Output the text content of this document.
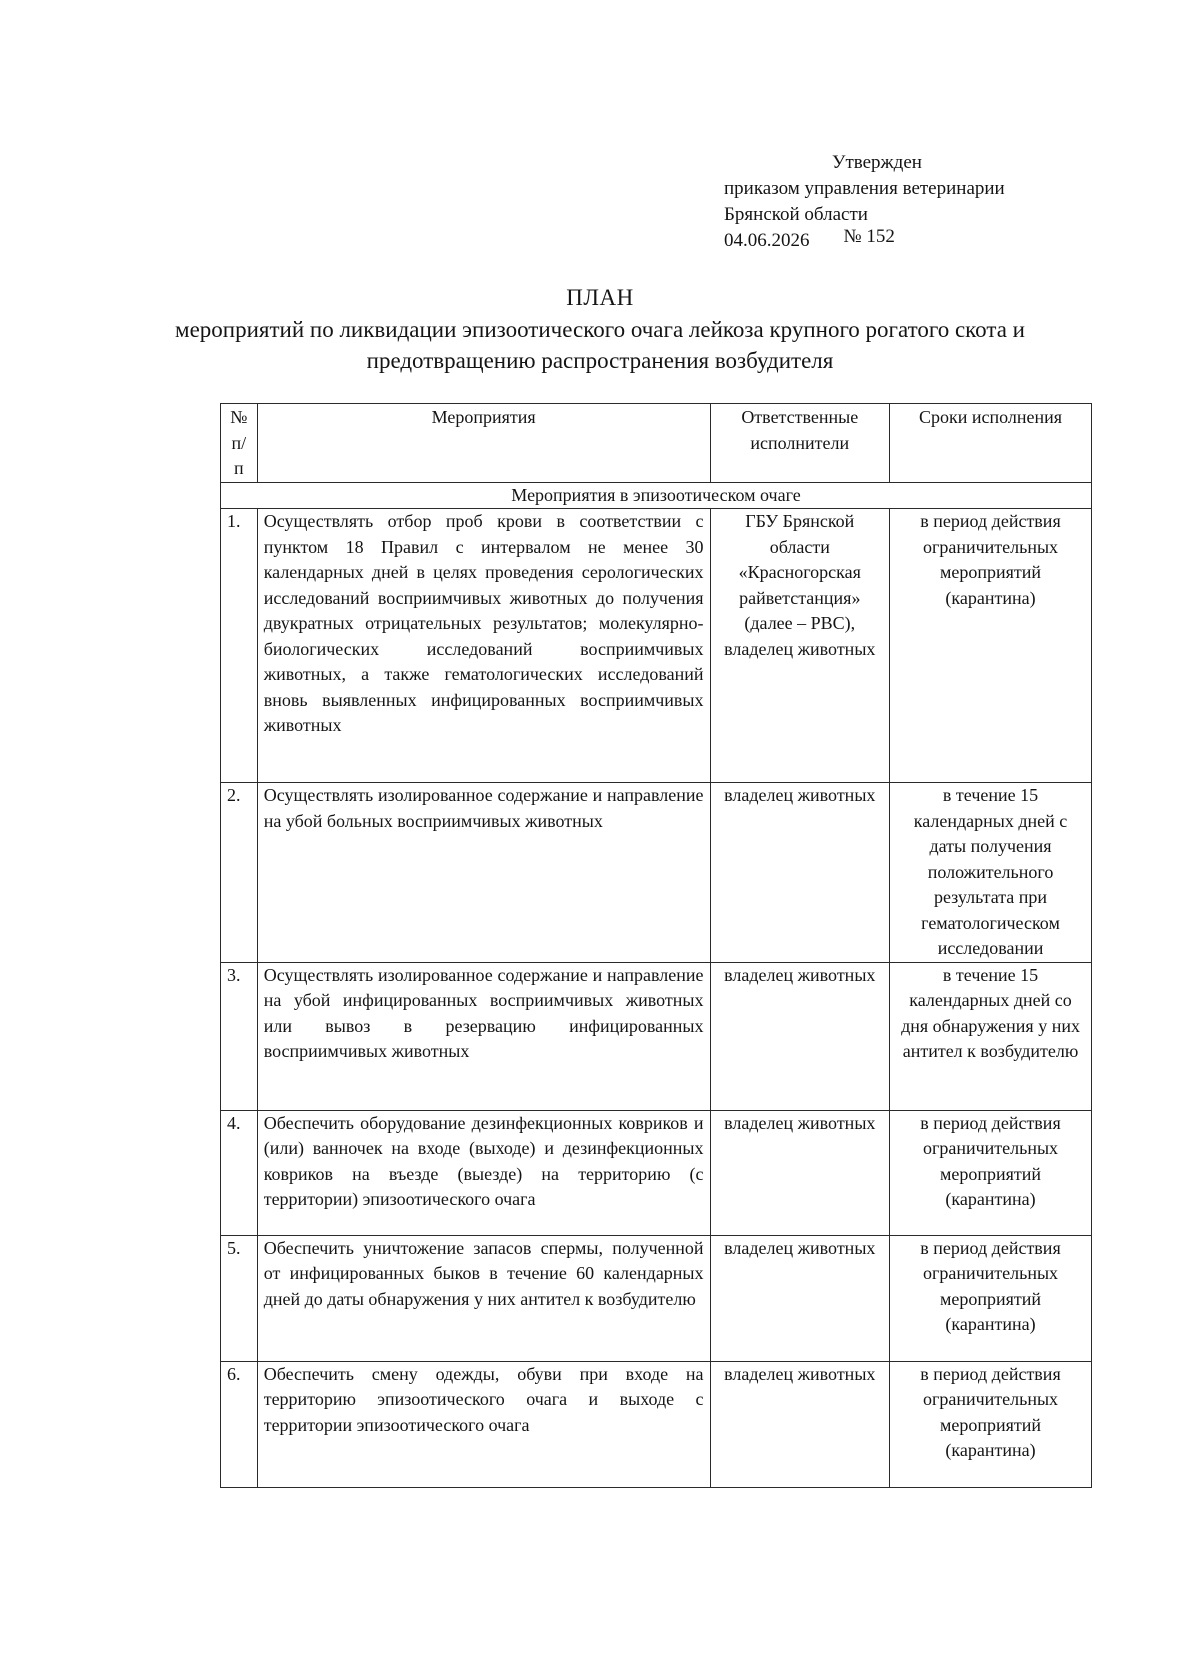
Утвержден
приказом управления ветеринарии
Брянской области
04.06.2026 № 152
ПЛАН
мероприятий по ликвидации эпизоотического очага лейкоза крупного рогатого скота и предотвращению распространения возбудителя
№ п/п	Мероприятия	Ответственные исполнители	Сроки исполнения
Мероприятия в эпизоотическом очаге			
1.	Осуществлять отбор проб крови в соответствии с пунктом 18 Правил с интервалом не менее 30 календарных дней в целях проведения серологических исследований восприимчивых животных до получения двукратных отрицательных результатов; молекулярно-биологических исследований восприимчивых животных, а также гематологических исследований вновь выявленных инфицированных восприимчивых животных	ГБУ Брянской области «Красногорская райветстанция» (далее – РВС), владелец животных	в период действия ограничительных мероприятий (карантина)
2.	Осуществлять изолированное содержание и направление на убой больных восприимчивых животных	владелец животных	в течение 15 календарных дней с даты получения положительного результата при гематологическом исследовании
3.	Осуществлять изолированное содержание и направление на убой инфицированных восприимчивых животных или вывоз в резервацию инфицированных восприимчивых животных	владелец животных	в течение 15 календарных дней со дня обнаружения у них антител к возбудителю
4.	Обеспечить оборудование дезинфекционных ковриков и (или) ванночек на входе (выходе) и дезинфекционных ковриков на въезде (выезде) на территорию (с территории) эпизоотического очага	владелец животных	в период действия ограничительных мероприятий (карантина)
5.	Обеспечить уничтожение запасов спермы, полученной от инфицированных быков в течение 60 календарных дней до даты обнаружения у них антител к возбудителю	владелец животных	в период действия ограничительных мероприятий (карантина)
6.	Обеспечить смену одежды, обуви при входе на территорию эпизоотического очага и выходе с территории эпизоотического очага	владелец животных	в период действия ограничительных мероприятий (карантина)
